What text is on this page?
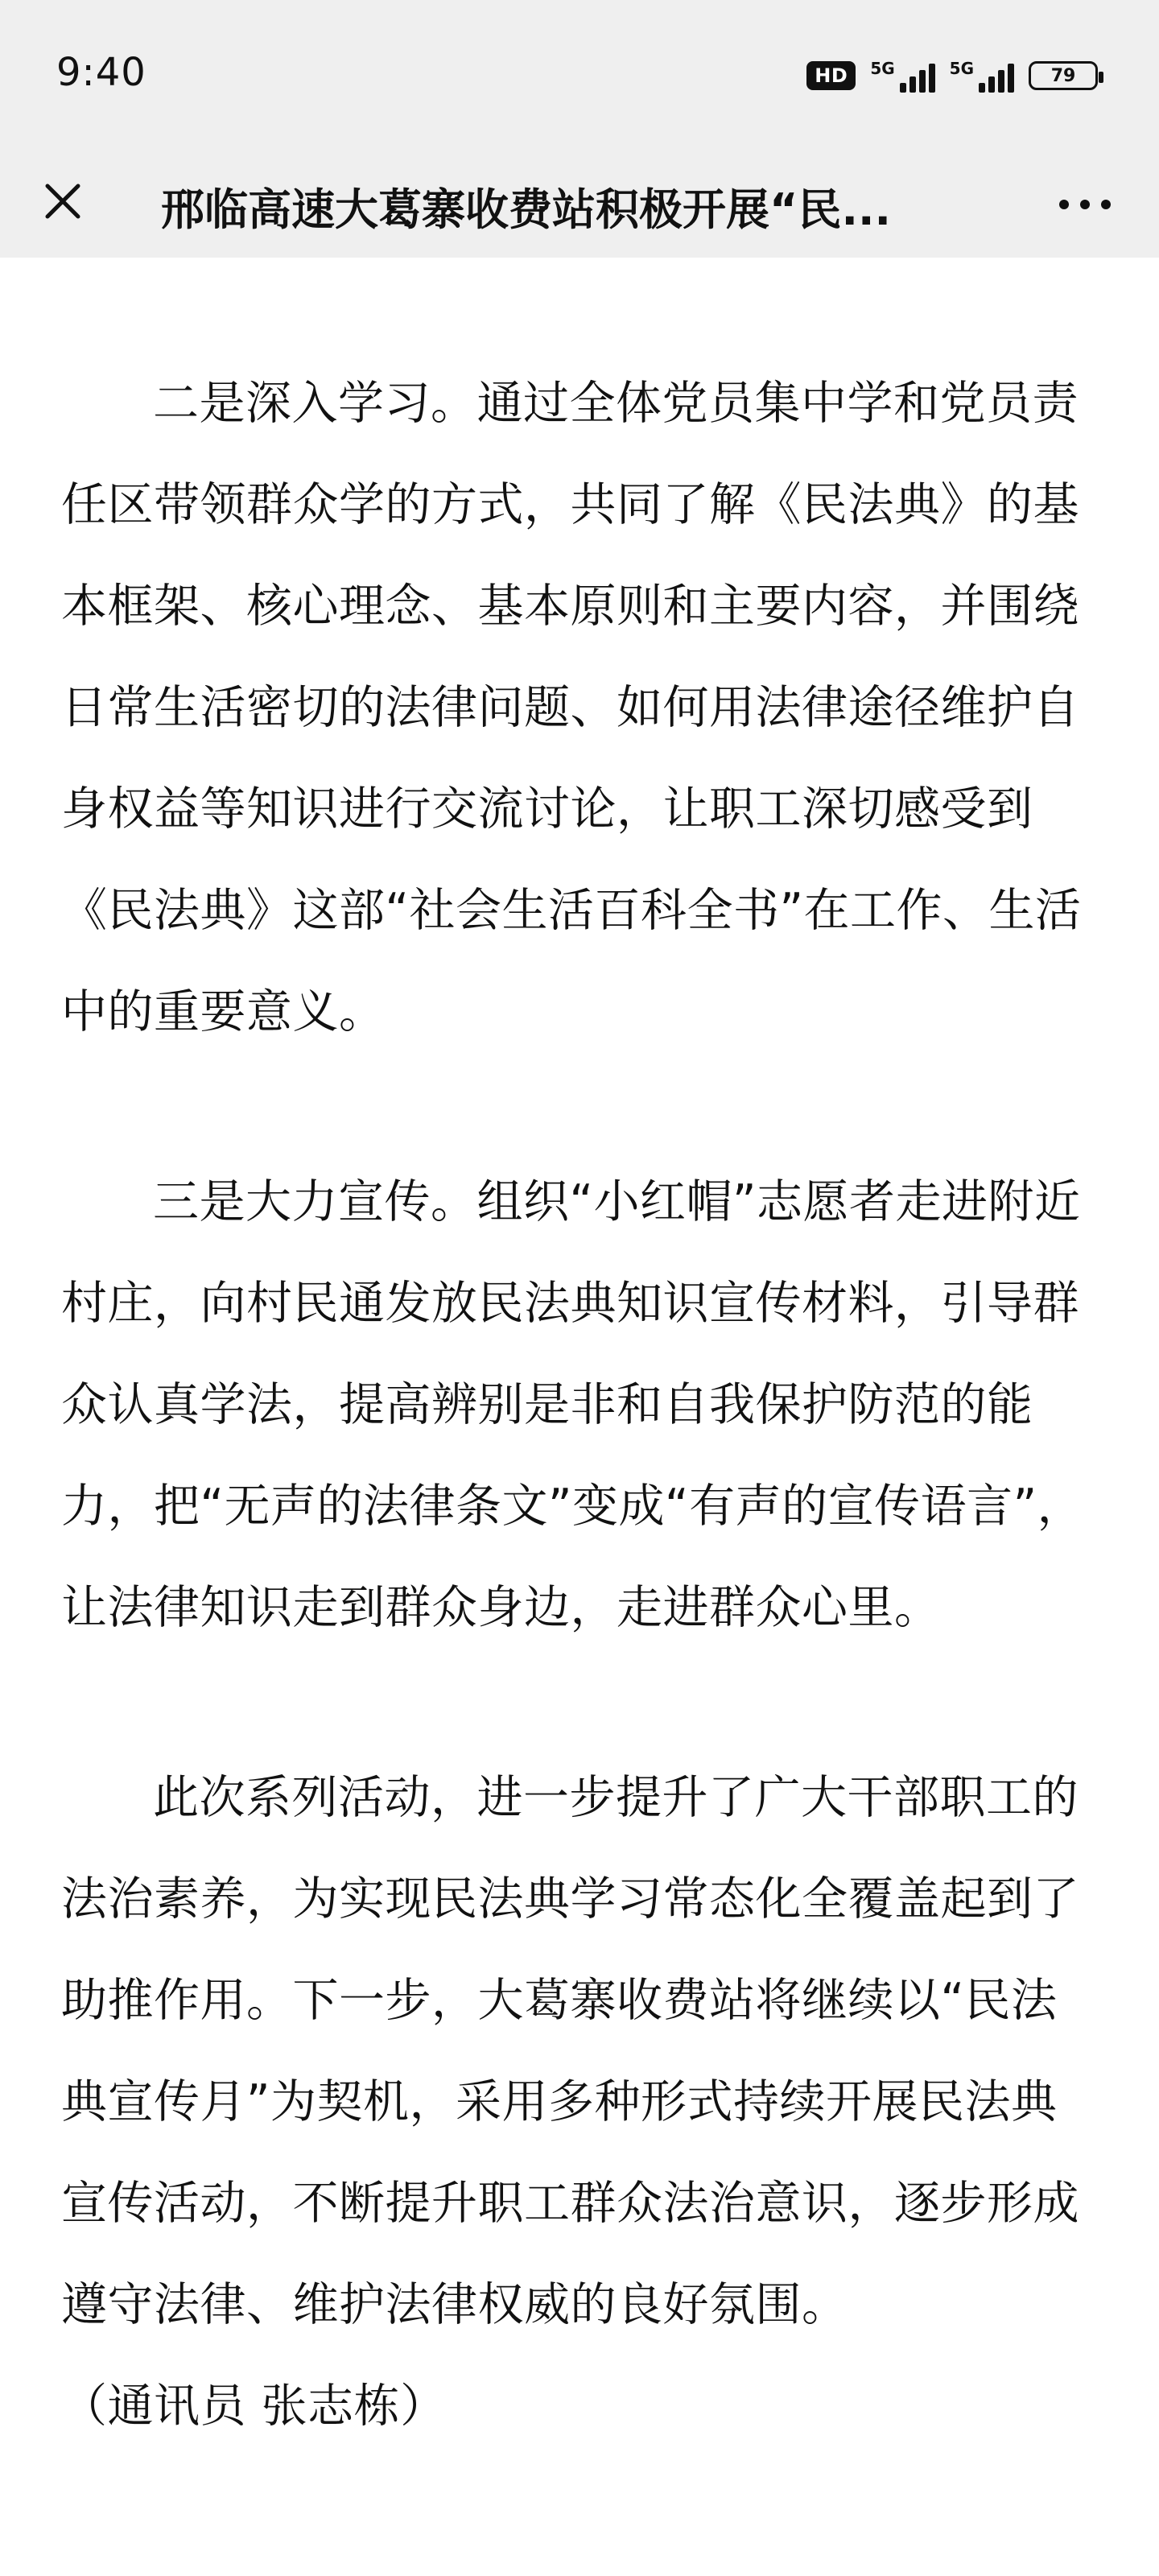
9:40	HD	5G	5G	79
邢临高速大葛寨收费站积极开展“民...

二是深入学习。通过全体党员集中学和党员责任区带领群众学的方式，共同了解《民法典》的基本框架、核心理念、基本原则和主要内容，并围绕日常生活密切的法律问题、如何用法律途径维护自身权益等知识进行交流讨论，让职工深切感受到《民法典》这部“社会生活百科全书”在工作、生活中的重要意义。

三是大力宣传。组织“小红帽”志愿者走进附近村庄，向村民通发放民法典知识宣传材料，引导群众认真学法，提高辨别是非和自我保护防范的能力，把“无声的法律条文”变成“有声的宣传语言”，让法律知识走到群众身边，走进群众心里。

此次系列活动，进一步提升了广大干部职工的法治素养，为实现民法典学习常态化全覆盖起到了助推作用。下一步，大葛寨收费站将继续以“民法典宣传月”为契机，采用多种形式持续开展民法典宣传活动，不断提升职工群众法治意识，逐步形成遵守法律、维护法律权威的良好氛围。

（通讯员 张志栋）
